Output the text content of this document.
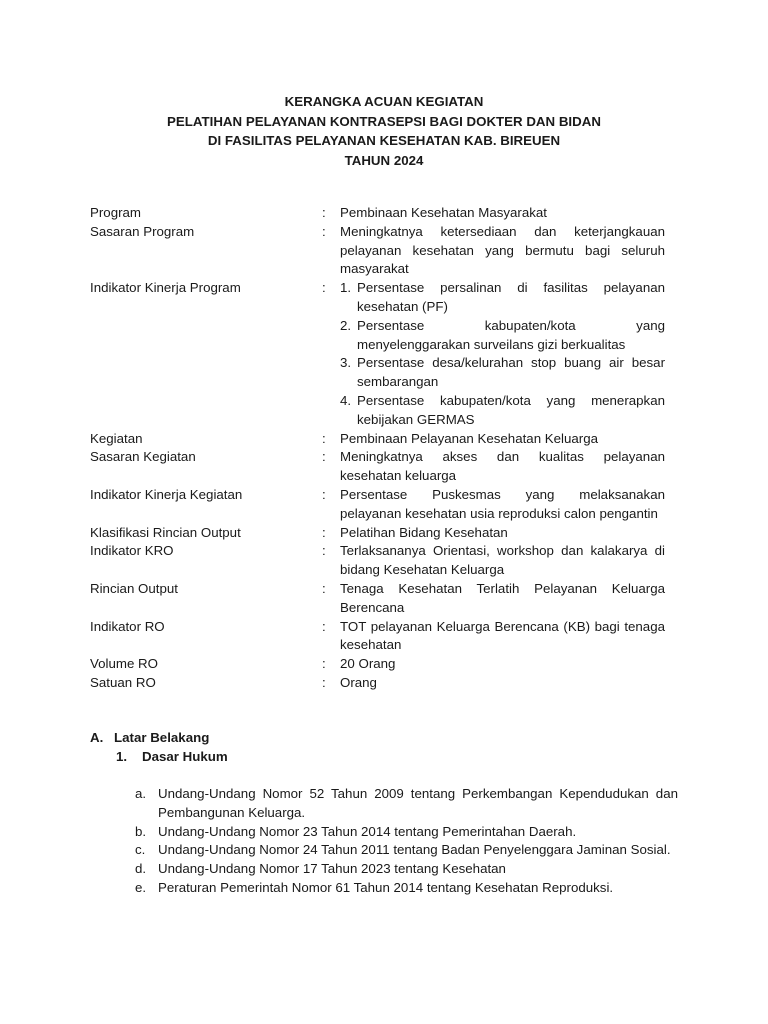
KERANGKA ACUAN KEGIATAN
PELATIHAN PELAYANAN KONTRASEPSI BAGI DOKTER DAN BIDAN
DI FASILITAS PELAYANAN KESEHATAN KAB. BIREUEN
TAHUN 2024
Program	:	Pembinaan Kesehatan Masyarakat
Sasaran Program	:	Meningkatnya ketersediaan dan keterjangkauan pelayanan kesehatan yang bermutu bagi seluruh masyarakat
Indikator Kinerja Program	:	1. Persentase persalinan di fasilitas pelayanan kesehatan (PF)
2. Persentase kabupaten/kota yang menyelenggarakan surveilans gizi berkualitas
3. Persentase desa/kelurahan stop buang air besar sembarangan
4. Persentase kabupaten/kota yang menerapkan kebijakan GERMAS
Kegiatan	:	Pembinaan Pelayanan Kesehatan Keluarga
Sasaran Kegiatan	:	Meningkatnya akses dan kualitas pelayanan kesehatan keluarga
Indikator Kinerja Kegiatan	:	Persentase Puskesmas yang melaksanakan pelayanan kesehatan usia reproduksi calon pengantin
Klasifikasi Rincian Output	:	Pelatihan Bidang Kesehatan
Indikator KRO	:	Terlaksananya Orientasi, workshop dan kalakarya di bidang Kesehatan Keluarga
Rincian Output	:	Tenaga Kesehatan Terlatih Pelayanan Keluarga Berencana
Indikator RO	:	TOT pelayanan Keluarga Berencana (KB) bagi tenaga kesehatan
Volume RO	:	20 Orang
Satuan RO	:	Orang
A. Latar Belakang
1.	Dasar Hukum
a. Undang-Undang Nomor 52 Tahun 2009 tentang Perkembangan Kependudukan dan Pembangunan Keluarga.
b. Undang-Undang Nomor 23 Tahun 2014 tentang Pemerintahan Daerah.
c. Undang-Undang Nomor 24 Tahun 2011 tentang Badan Penyelenggara Jaminan Sosial.
d. Undang-Undang Nomor 17 Tahun 2023 tentang Kesehatan
e. Peraturan Pemerintah Nomor 61 Tahun 2014 tentang Kesehatan Reproduksi.
